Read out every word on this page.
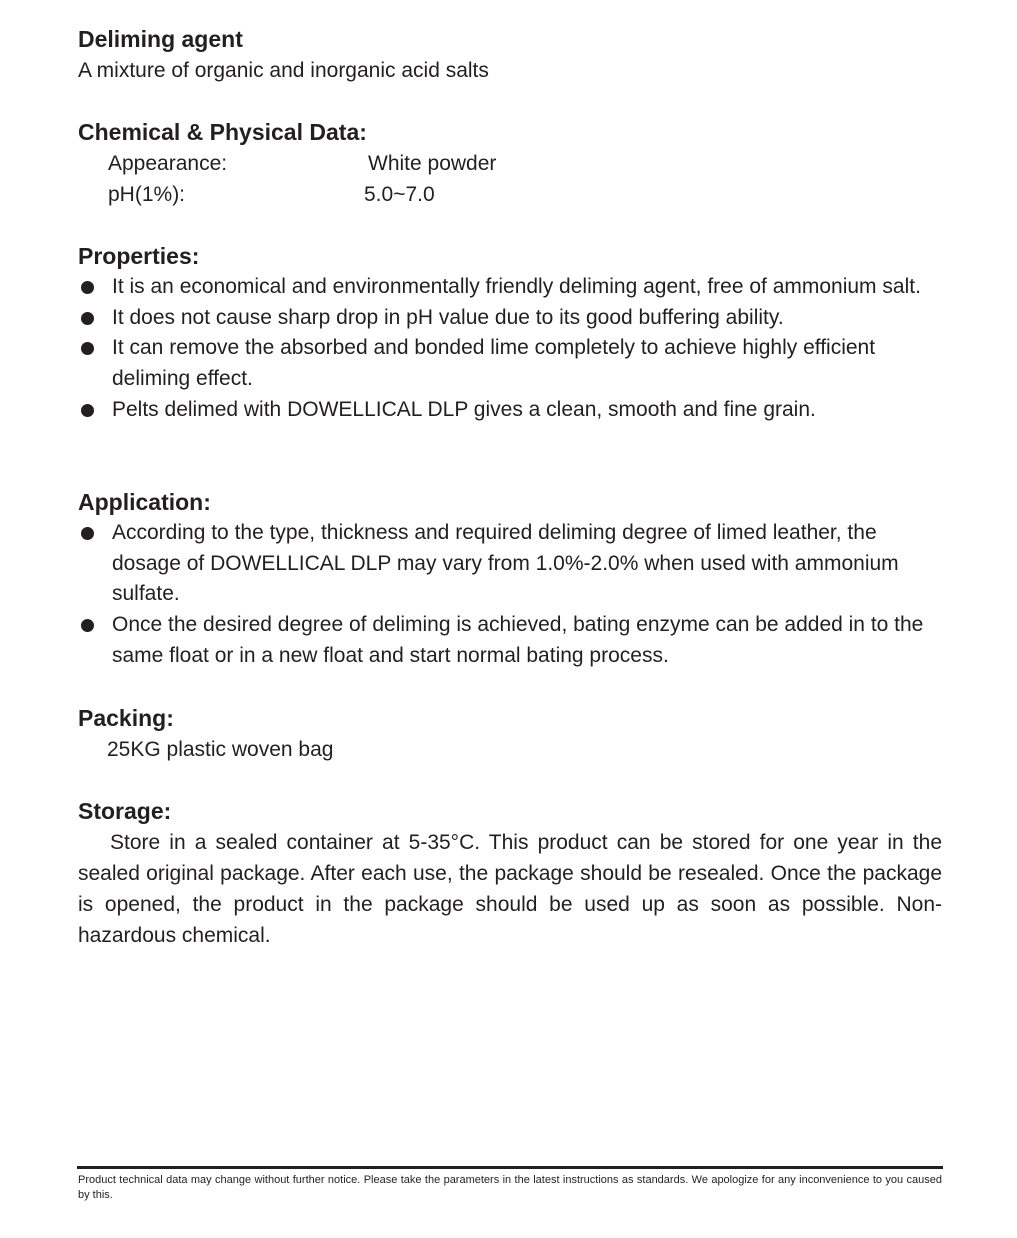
Deliming agent

A mixture of organic and inorganic acid salts

Chemical & Physical Data:

Appearance:	White powder
pH(1%):	5.0~7.0

Properties:

It is an economical and environmentally friendly deliming agent, free of ammonium salt.
It does not cause sharp drop in pH value due to its good buffering ability.
It can remove the absorbed and bonded lime completely to achieve highly efficient deliming effect.
Pelts delimed with DOWELLICAL DLP gives a clean, smooth and fine grain.

Application:

According to the type, thickness and required deliming degree of limed leather, the dosage of DOWELLICAL DLP may vary from 1.0%-2.0% when used with ammonium sulfate.
Once the desired degree of deliming is achieved, bating enzyme can be added in to the same float or in a new float and start normal bating process.

Packing:

25KG plastic woven bag

Storage:

Store in a sealed container at 5-35°C. This product can be stored for one year in the sealed original package. After each use, the package should be resealed. Once the package is opened, the product in the package should be used up as soon as possible. Non-hazardous chemical.

Product technical data may change without further notice. Please take the parameters in the latest instructions as standards. We apologize for any inconvenience to you caused by this.
